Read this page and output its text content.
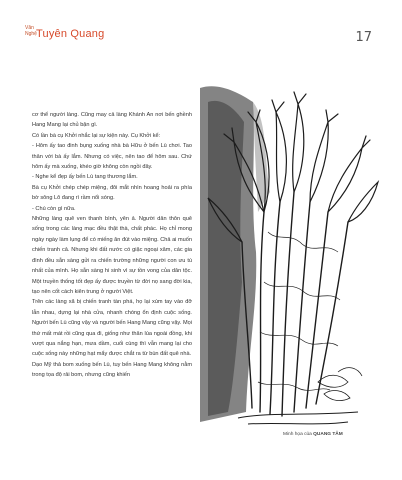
Văn Nghệ Tuyên Quang	17

cơ thể người làng. Cũng may cả làng Khánh An nơi bến ghềnh Hang Mang lại chủ bận gì.

Có lần bà cụ Khởi nhắc lại sự kiện này. Cụ Khởi kể:

- Hôm ấy tao đinh bụng xuống nhà bà Hữu ở bến Lù chơi. Tao thân với bà ấy lắm. Nhưng có việc, nên tao để hôm sau. Chứ hôm ấy mà xuống, khéo giờ không còn ngồi đây.

- Nghe kể đẹp ấy bến Lù tang thương lắm.

Bà cụ Khởi chép chép miệng, đôi mắt nhìn hoang hoải ra phía bờ sông Lô đang rì rầm nổi sóng.

- Chú còn gì nữa.

Những làng quê ven thanh bình, yên ả. Người dân thôn quê sống trong các làng mạc đều thật thà, chất phác. Họ chỉ mong ngày ngày làm lụng để có miếng ăn đút vào miệng. Chả ai muốn chiến tranh cả. Nhưng khi đất nước có giặc ngoại xâm, các gia đình đều sẵn sàng gửi ra chiến trường những người con ưu tú nhất của mình. Họ sẵn sàng hi sinh vì sự tồn vong của dân tộc. Một truyền thống tốt đẹp ấy được truyền từ đời nọ sang đời kia, tạo nên cốt cách kiên trung ở người Việt.

Trên các làng xã bị chiến tranh tàn phá, họ lại xúm tay vào đỡ lẫn nhau, dựng lại nhà cửa, nhanh chóng ổn định cuộc sống. Người bến Lù cũng vậy và người bến Hang Mang cũng vậy. Mọi thứ mất mát rồi cũng qua đi, giống như thân lúa ngoài đồng, khi vượt qua nắng hạn, mưa dầm, cuối cùng thì vẫn mang lại cho cuộc sống này những hạt mẩy được chắt ra từ bùn đất quê nhà.

Dạo Mỹ thả bom xuống bến Lù, tuy bến Hang Mang không nằm trong tọa độ rải bom, nhưng cũng khiến

Minh họa của QUANG TÂM
